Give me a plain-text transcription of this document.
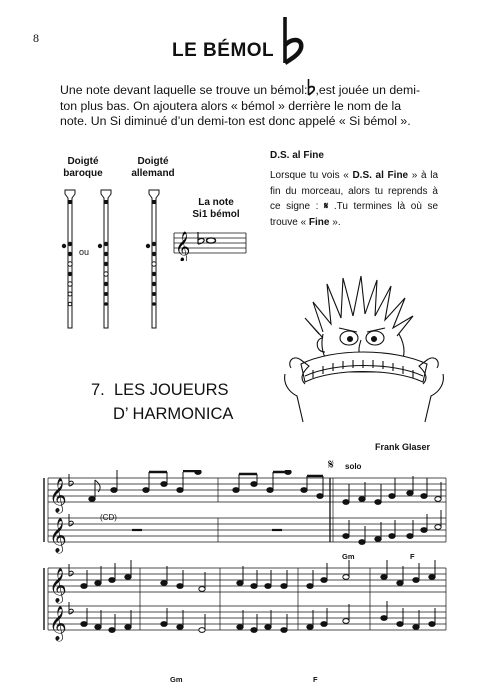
8
LE BÉMOL

Une note devant laquelle se trouve un bémol: ,est jouée un demi-ton plus bas. On ajoutera alors « bémol » derrière le nom de la note. Un Si diminué d’un demi-ton est donc appelé « Si bémol ».

Doigté
baroque
Doigté
allemand
La note
Si1 bémol
ou	𝄞
D.S. al Fine
Lorsque tu vois « D.S. al Fine » à la fin du morceau, alors tu reprends à ce signe : 𝄋 .Tu termines là où se trouve « Fine ».
7. LES JOUEURS
D’ HARMONICA
Frank Glaser
𝄋 solo
(CD)
𝄞
𝄞
𝄞
𝄞
Gm	F
Gm	F
